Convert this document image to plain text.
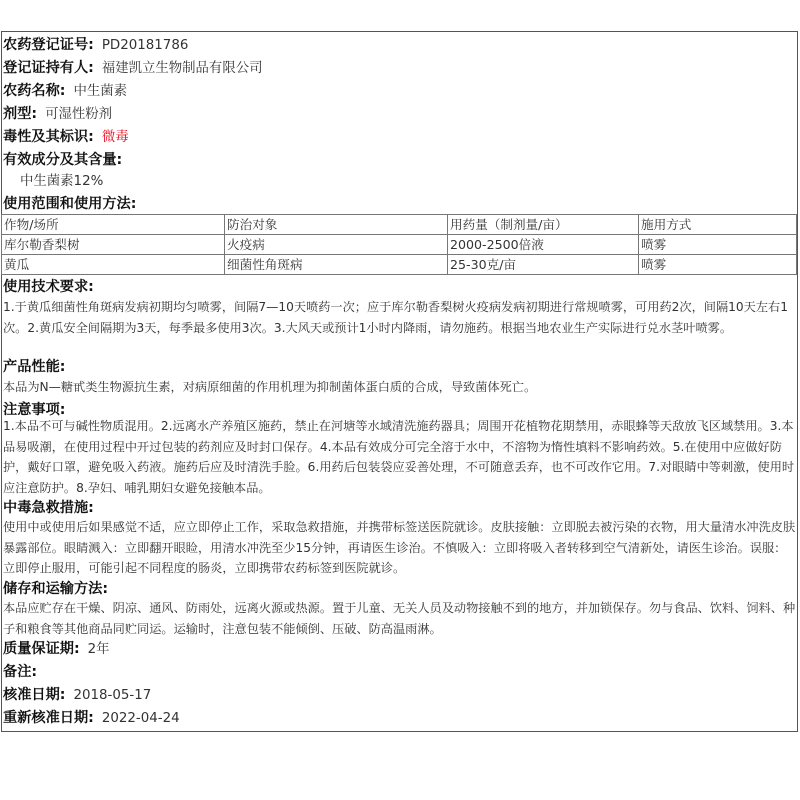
农药登记证号: PD20181786
登记证持有人: 福建凯立生物制品有限公司
农药名称: 中生菌素
剂型: 可湿性粉剂
毒性及其标识: 微毒
有效成分及其含量:
中生菌素12%
使用范围和使用方法:
作物/场所	防治对象	用药量（制剂量/亩）	施用方式
库尔勒香梨树	火疫病	2000-2500倍液	喷雾
黄瓜	细菌性角斑病	25-30克/亩	喷雾
使用技术要求:
1.于黄瓜细菌性角斑病发病初期均匀喷雾，间隔7—10天喷药一次；应于库尔勒香梨树火疫病发病初期进行常规喷雾，可用药2次，间隔10天左右1次。2.黄瓜安全间隔期为3天，每季最多使用3次。3.大风天或预计1小时内降雨，请勿施药。根据当地农业生产实际进行兑水茎叶喷雾。
产品性能:
本品为N—糖甙类生物源抗生素，对病原细菌的作用机理为抑制菌体蛋白质的合成，导致菌体死亡。
注意事项:
1.本品不可与碱性物质混用。2.远离水产养殖区施药，禁止在河塘等水域清洗施药器具；周围开花植物花期禁用，赤眼蜂等天敌放飞区域禁用。3.本品易吸潮，在使用过程中开过包装的药剂应及时封口保存。4.本品有效成分可完全溶于水中，不溶物为惰性填料不影响药效。5.在使用中应做好防护，戴好口罩，避免吸入药液。施药后应及时清洗手脸。6.用药后包装袋应妥善处理，不可随意丢弃，也不可改作它用。7.对眼睛中等刺激，使用时应注意防护。8.孕妇、哺乳期妇女避免接触本品。
中毒急救措施:
使用中或使用后如果感觉不适，应立即停止工作，采取急救措施，并携带标签送医院就诊。皮肤接触：立即脱去被污染的衣物，用大量清水冲洗皮肤暴露部位。眼睛溅入：立即翻开眼睑，用清水冲洗至少15分钟，再请医生诊治。不慎吸入：立即将吸入者转移到空气清新处，请医生诊治。误服：立即停止服用，可能引起不同程度的肠炎，立即携带农药标签到医院就诊。
储存和运输方法:
本品应贮存在干燥、阴凉、通风、防雨处，远离火源或热源。置于儿童、无关人员及动物接触不到的地方，并加锁保存。勿与食品、饮料、饲料、种子和粮食等其他商品同贮同运。运输时，注意包装不能倾倒、压破、防高温雨淋。
质量保证期: 2年
备注:
核准日期: 2018-05-17
重新核准日期: 2022-04-24
